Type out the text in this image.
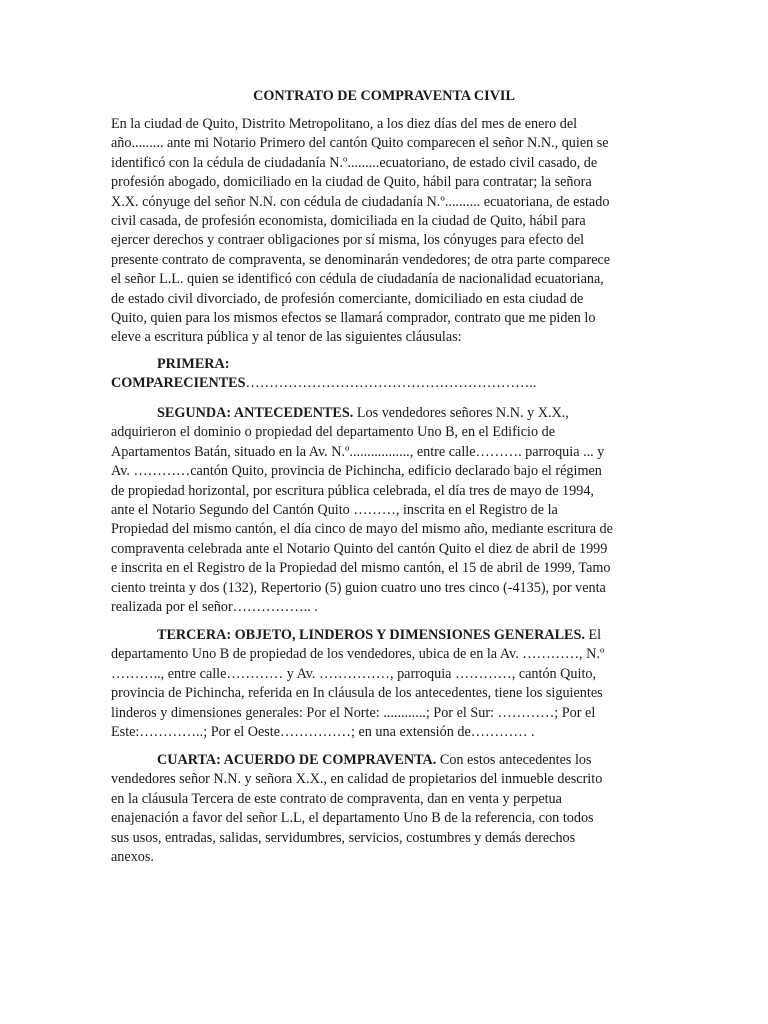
CONTRATO DE COMPRAVENTA CIVIL
En la ciudad de Quito, Distrito Metropolitano, a los diez días del mes de enero del
año......... ante mi Notario Primero del cantón Quito comparecen el señor N.N., quien se
identificó con la cédula de ciudadanía N.º.........ecuatoriano, de estado civil casado, de
profesión abogado, domiciliado en la ciudad de Quito, hábil para contratar; la señora
X.X. cónyuge del señor N.N. con cédula de ciudadanía N.º.......... ecuatoriana, de estado
civil casada, de profesión economista, domiciliada en la ciudad de Quito, hábil para
ejercer derechos y contraer obligaciones por sí misma, los cónyuges para efecto del
presente contrato de compraventa, se denominarán vendedores; de otra parte comparece
el señor L.L. quien se identificó con cédula de ciudadanía de nacionalidad ecuatoriana,
de estado civil divorciado, de profesión comerciante, domiciliado en esta ciudad de
Quito, quien para los mismos efectos se llamará comprador, contrato que me piden lo
eleve a escritura pública y al tenor de las siguientes cláusulas:
PRIMERA:
COMPARECIENTES……………………………………………………..
SEGUNDA: ANTECEDENTES. Los vendedores señores N.N. y X.X.,
adquirieron el dominio o propiedad del departamento Uno B, en el Edificio de
Apartamentos Batán, situado en la Av. N.º................., entre calle………. parroquia ... y
Av. …………cantón Quito, provincia de Pichincha, edificio declarado bajo el régimen
de propiedad horizontal, por escritura pública celebrada, el día tres de mayo de 1994,
ante el Notario Segundo del Cantón Quito ………, inscrita en el Registro de la
Propiedad del mismo cantón, el día cinco de mayo del mismo año, mediante escritura de
compraventa celebrada ante el Notario Quinto del cantón Quito el diez de abril de 1999
e inscrita en el Registro de la Propiedad del mismo cantón, el 15 de abril de 1999, Tamo
ciento treinta y dos (132), Repertorio (5) guion cuatro uno tres cinco (-4135), por venta
realizada por el señor…………….. .
TERCERA: OBJETO, LINDEROS Y DIMENSIONES GENERALES. El
departamento Uno B de propiedad de los vendedores, ubica de en la Av. …………, N.º
……….., entre calle………… y Av. ……………, parroquia …………, cantón Quito,
provincia de Pichincha, referida en In cláusula de los antecedentes, tiene los siguientes
linderos y dimensiones generales: Por el Norte: ............; Por el Sur: …………; Por el
Este:…………..; Por el Oeste……………; en una extensión de………… .
CUARTA: ACUERDO DE COMPRAVENTA. Con estos antecedentes los
vendedores señor N.N. y señora X.X., en calidad de propietarios del inmueble descrito
en la cláusula Tercera de este contrato de compraventa, dan en venta y perpetua
enajenación a favor del señor L.L, el departamento Uno B de la referencia, con todos
sus usos, entradas, salidas, servidumbres, servicios, costumbres y demás derechos
anexos.
